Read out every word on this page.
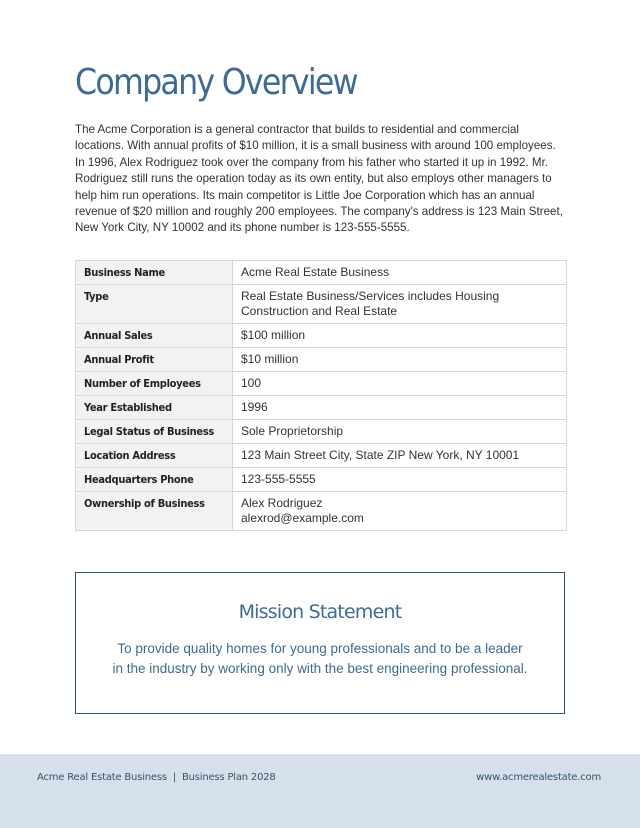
Company Overview

The Acme Corporation is a general contractor that builds to residential and commercial locations. With annual profits of $10 million, it is a small business with around 100 employees. In 1996, Alex Rodriguez took over the company from his father who started it up in 1992. Mr. Rodriguez still runs the operation today as its own entity, but also employs other managers to help him run operations. Its main competitor is Little Joe Corporation which has an annual revenue of $20 million and roughly 200 employees. The company's address is 123 Main Street, New York City, NY 10002 and its phone number is 123-555-5555.

Business Name	Acme Real Estate Business
Type	Real Estate Business/Services includes Housing
Construction and Real Estate
Annual Sales	$100 million
Annual Profit	$10 million
Number of Employees	100
Year Established	1996
Legal Status of Business	Sole Proprietorship
Location Address	123 Main Street City, State ZIP New York, NY 10001
Headquarters Phone	123-555-5555
Ownership of Business	Alex Rodriguez
alexrod@example.com
Mission Statement

To provide quality homes for young professionals and to be a leader
in the industry by working only with the best engineering professional.

Acme Real Estate Business  |  Business Plan 2028	www.acmerealestate.com
